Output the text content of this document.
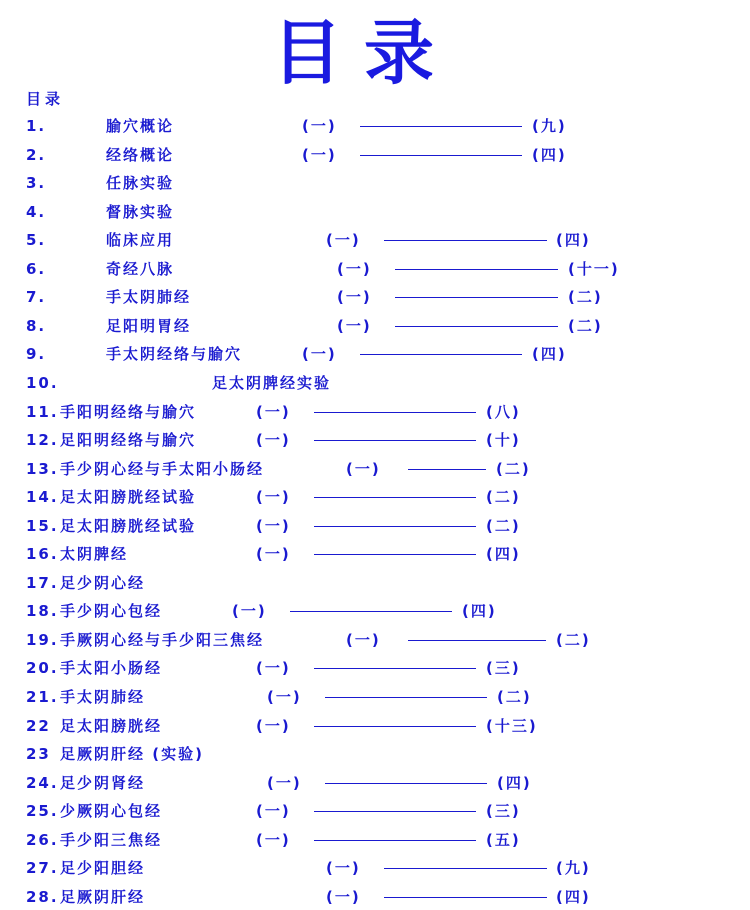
目录
目录
1.	腧穴概论	(一)	(九)
2.	经络概论	(一)	(四)
3.	任脉实验
4.	督脉实验
5.	临床应用	(一)	(四)
6.	奇经八脉	(一)	(十一)
7.	手太阴肺经	(一)	(二)
8.	足阳明胃经	(一)	(二)
9.	手太阴经络与腧穴	(一)	(四)
10.	足太阴脾经实验
11. 手阳明经络与腧穴	(一)	(八)
12. 足阳明经络与腧穴	(一)	(十)
13. 手少阴心经与手太阳小肠经	(一)	(二)
14. 足太阳膀胱经试验	(一)	(二)
15. 足太阳膀胱经试验	(一)	(二)
16. 太阴脾经	(一)	(四)
17. 足少阴心经
18. 手少阴心包经	(一)	(四)
19. 手厥阴心经与手少阳三焦经	(一)	(二)
20. 手太阳小肠经	(一)	(三)
21. 手太阴肺经	(一)	(二)
22 足太阳膀胱经	(一)	(十三)
23 足厥阴肝经 (实验)
24. 足少阴肾经	(一)	(四)
25. 少厥阴心包经	(一)	(三)
26. 手少阳三焦经	(一)	(五)
27. 足少阳胆经	(一)	(九)
28. 足厥阴肝经	(一)	(四)
